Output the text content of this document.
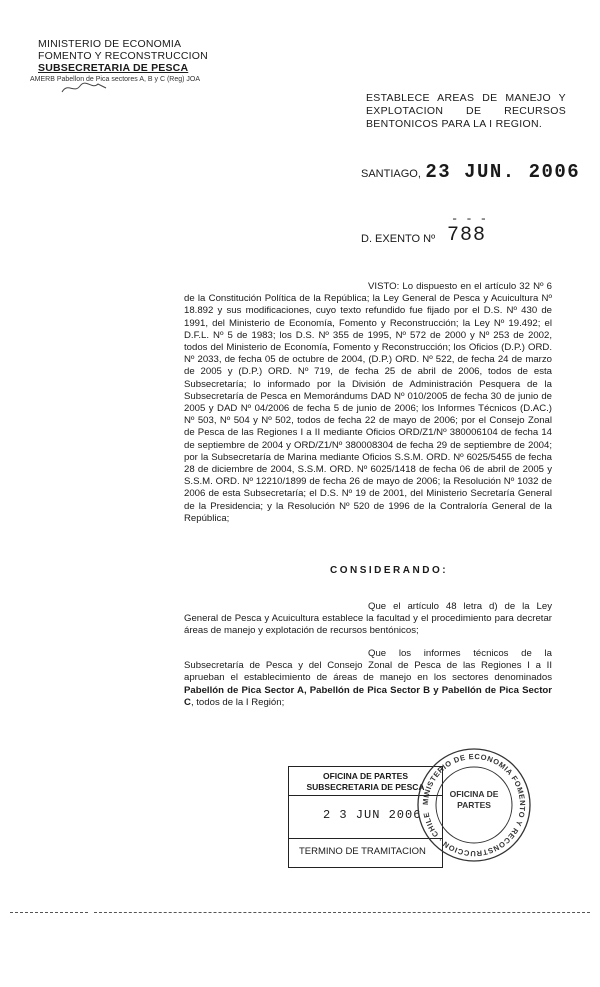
MINISTERIO DE ECONOMIA
FOMENTO Y RECONSTRUCCION
SUBSECRETARIA DE PESCA
AMERB Pabellon de Pica sectores A, B y C (Reg) JOA
ESTABLECE AREAS DE MANEJO Y EXPLOTACION DE RECURSOS BENTONICOS PARA LA I REGION.
SANTIAGO, 23 JUN. 2006
D. EXENTO Nº
- - -
788

VISTO: Lo dispuesto en el artículo 32 Nº 6 de la Constitución Política de la República; la Ley General de Pesca y Acuicultura Nº 18.892 y sus modificaciones, cuyo texto refundido fue fijado por el D.S. Nº 430 de 1991, del Ministerio de Economía, Fomento y Reconstrucción; la Ley Nº 19.492; el D.F.L. Nº 5 de 1983; los D.S. Nº 355 de 1995, Nº 572 de 2000 y Nº 253 de 2002, todos del Ministerio de Economía, Fomento y Reconstrucción; los Oficios (D.P.) ORD. Nº 2033, de fecha 05 de octubre de 2004, (D.P.) ORD. Nº 522, de fecha 24 de marzo de 2005 y (D.P.) ORD. Nº 719, de fecha 25 de abril de 2006, todos de esta Subsecretaría; lo informado por la División de Administración Pesquera de la Subsecretaría de Pesca en Memorándums DAD Nº 010/2005 de fecha 30 de junio de 2005 y DAD Nº 04/2006 de fecha 5 de junio de 2006; los Informes Técnicos (D.AC.) Nº 503, Nº 504 y Nº 502, todos de fecha 22 de mayo de 2006; por el Consejo Zonal de Pesca de las Regiones I a II mediante Oficios ORD/Z1/Nº 380006104 de fecha 14 de septiembre de 2004 y ORD/Z1/Nº 380008304 de fecha 29 de septiembre de 2004; por la Subsecretaría de Marina mediante Oficios S.S.M. ORD. Nº 6025/5455 de fecha 28 de diciembre de 2004, S.S.M. ORD. Nº 6025/1418 de fecha 06 de abril de 2005 y S.S.M. ORD. Nº 12210/1899 de fecha 26 de mayo de 2006; la Resolución Nº 1032 de 2006 de esta Subsecretaría; el D.S. Nº 19 de 2001, del Ministerio Secretaría General de la Presidencia; y la Resolución Nº 520 de 1996 de la Contraloría General de la República;

CONSIDERANDO:

Que el artículo 48 letra d) de la Ley General de Pesca y Acuicultura establece la facultad y el procedimiento para decretar áreas de manejo y explotación de recursos bentónicos;

Que los informes técnicos de la Subsecretaría de Pesca y del Consejo Zonal de Pesca de las Regiones I a II aprueban el establecimiento de áreas de manejo en los sectores denominados Pabellón de Pica Sector A, Pabellón de Pica Sector B y Pabellón de Pica Sector C, todos de la I Región;

OFICINA DE PARTES
SUBSECRETARIA DE PESCA
2 3 JUN 2006
TERMINO DE TRAMITACION
MINISTERIO DE ECONOMIA FOMENTO Y RECONSTRUCCION · CHILE
OFICINA DE PARTES
